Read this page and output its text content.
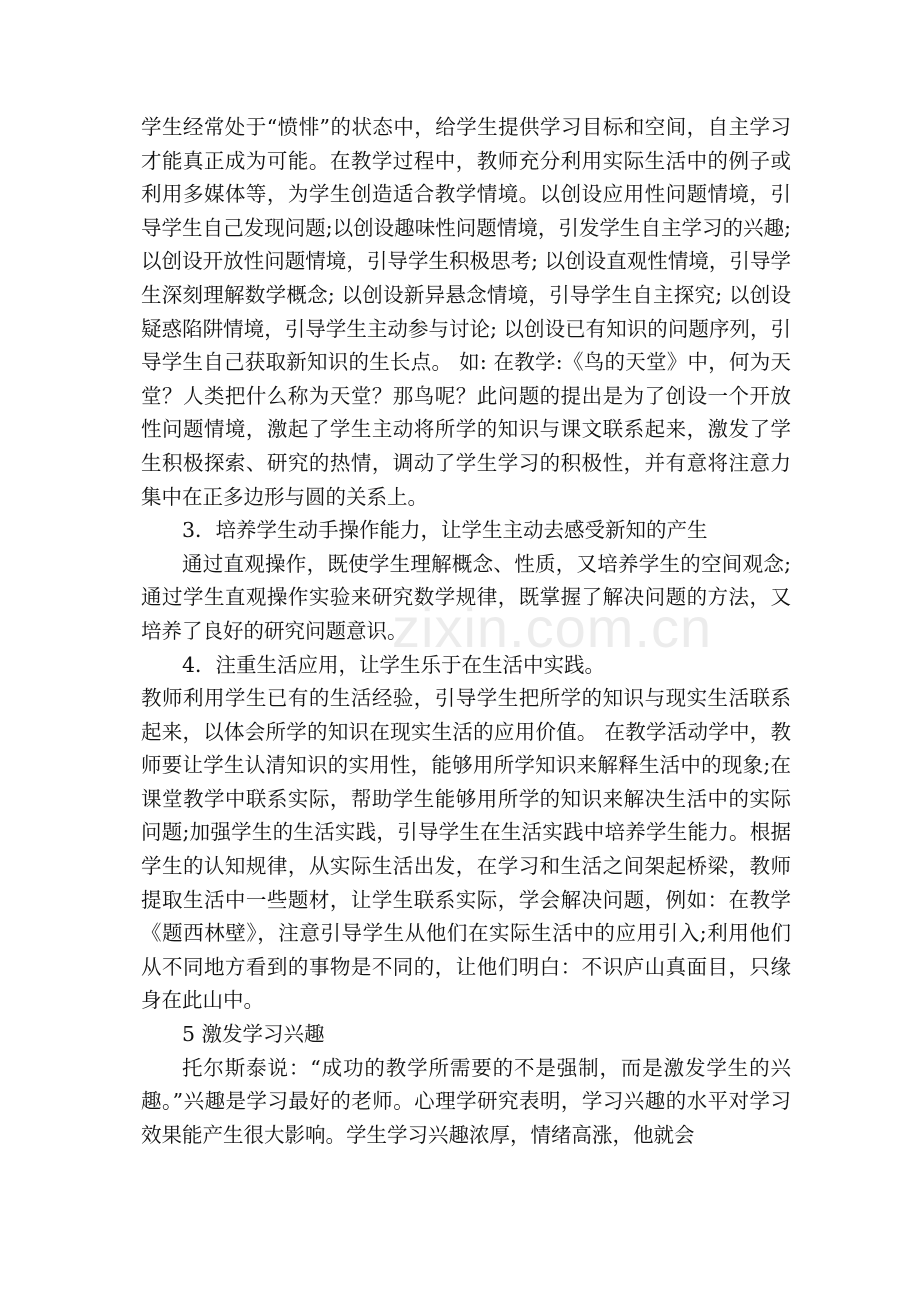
学生经常处于“愤悱”的状态中，给学生提供学习目标和空间，自主学习才能真正成为可能。在教学过程中，教师充分利用实际生活中的例子或利用多媒体等，为学生创造适合教学情境。以创设应用性问题情境，引导学生自己发现问题;以创设趣味性问题情境，引发学生自主学习的兴趣; 以创设开放性问题情境，引导学生积极思考; 以创设直观性情境，引导学生深刻理解数学概念; 以创设新异悬念情境，引导学生自主探究; 以创设疑惑陷阱情境，引导学生主动参与讨论; 以创设已有知识的问题序列，引导学生自己获取新知识的生长点。 如: 在教学:《鸟的天堂》中，何为天堂？人类把什么称为天堂？那鸟呢？此问题的提出是为了创设一个开放性问题情境，激起了学生主动将所学的知识与课文联系起来，激发了学生积极探索、研究的热情，调动了学生学习的积极性，并有意将注意力集中在正多边形与圆的关系上。

3．培养学生动手操作能力，让学生主动去感受新知的产生

通过直观操作，既使学生理解概念、性质，又培养学生的空间观念;通过学生直观操作实验来研究数学规律，既掌握了解决问题的方法，又培养了良好的研究问题意识。

4．注重生活应用，让学生乐于在生活中实践。

教师利用学生已有的生活经验，引导学生把所学的知识与现实生活联系起来，以体会所学的知识在现实生活的应用价值。 在教学活动学中，教师要让学生认清知识的实用性，能够用所学知识来解释生活中的现象;在课堂教学中联系实际，帮助学生能够用所学的知识来解决生活中的实际问题;加强学生的生活实践，引导学生在生活实践中培养学生能力。根据学生的认知规律，从实际生活出发，在学习和生活之间架起桥梁，教师提取生活中一些题材，让学生联系实际，学会解决问题，例如：在教学《题西林壁》，注意引导学生从他们在实际生活中的应用引入;利用他们从不同地方看到的事物是不同的，让他们明白：不识庐山真面目，只缘身在此山中。

5 激发学习兴趣

托尔斯泰说：“成功的教学所需要的不是强制，而是激发学生的兴趣。”兴趣是学习最好的老师。心理学研究表明，学习兴趣的水平对学习效果能产生很大影响。学生学习兴趣浓厚，情绪高涨，他就会

zixin.com.cn
